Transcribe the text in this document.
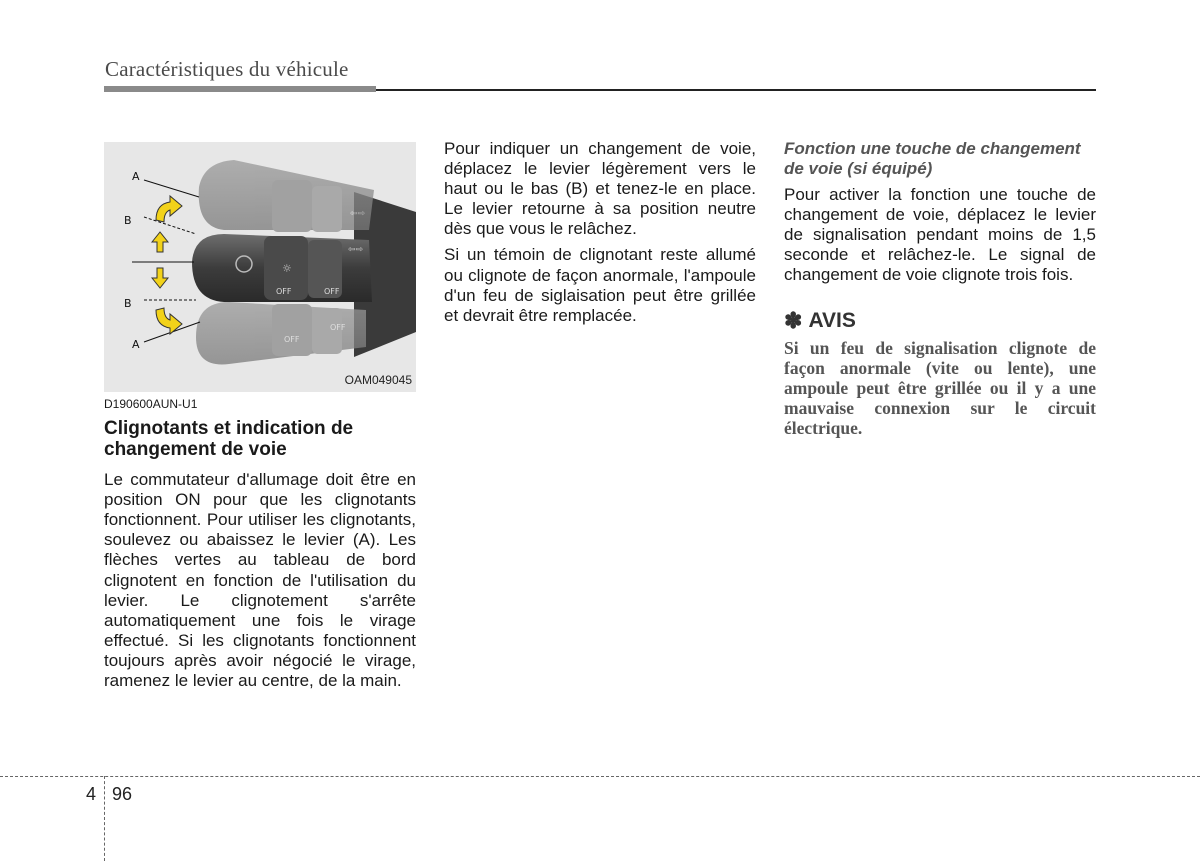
Caractéristiques du véhicule
⇦⇨
☼
⇦⇨
OFF	OFF
OFF
OFF
A
B
B
A
OAM049045
D190600AUN-U1
Clignotants et indication de changement de voie

Le commutateur d'allumage doit être en position ON pour que les clignotants fonctionnent. Pour utiliser les clignotants, soulevez ou abaissez le levier (A). Les flèches vertes au tableau de bord clignotent en fonction de l'utilisation du levier. Le clignotement s'arrête automatiquement une fois le virage effectué. Si les clignotants fonctionnent toujours après avoir négocié le virage, ramenez le levier au centre, de la main.

Pour indiquer un changement de voie, déplacez le levier légèrement vers le haut ou le bas (B) et tenez-le en place. Le levier retourne à sa position neutre dès que vous le relâchez.

Si un témoin de clignotant reste allumé ou clignote de façon anormale, l'ampoule d'un feu de siglaisation peut être grillée et devrait être remplacée.

Fonction une touche de changement de voie (si équipé)

Pour activer la fonction une touche de changement de voie, déplacez le levier de signalisation pendant moins de 1,5 seconde et relâchez-le. Le signal de changement de voie clignote trois fois.

✽ AVIS
Si un feu de signalisation clignote de façon anormale (vite ou lente), une ampoule peut être grillée ou il y a une mauvaise connexion sur le circuit électrique.
4 96
